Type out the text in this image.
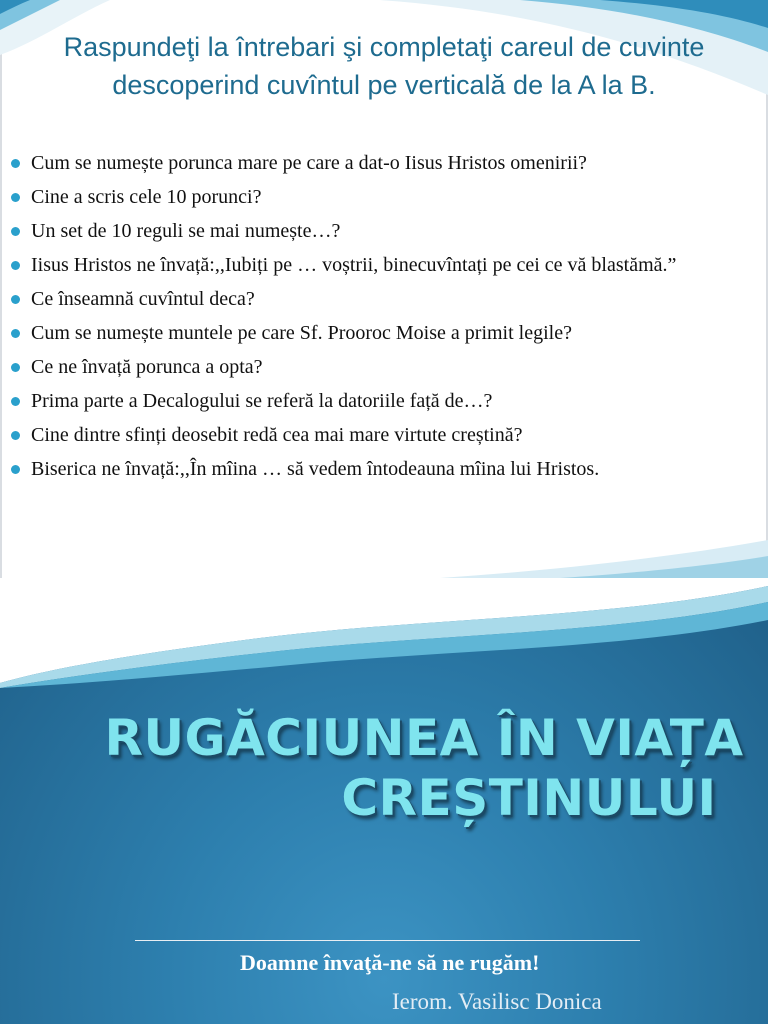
Raspundeţi la întrebari şi completaţi careul de cuvinte descoperind cuvîntul pe verticală de la A la B.
Cum se numește porunca mare pe care a dat-o Iisus Hristos omenirii?
Cine a scris cele 10 porunci?
Un set de 10 reguli se mai numește…?
Iisus Hristos ne învață:,,Iubiți pe … voștrii, binecuvîntați pe cei ce vă blastămă.”
Ce înseamnă cuvîntul deca?
Cum se numește muntele pe care Sf. Prooroc Moise a primit legile?
Ce ne învață porunca a opta?
Prima parte a Decalogului se referă la datoriile față de…?
Cine dintre sfinți deosebit redă cea mai mare virtute creștină?
Biserica ne învață:,,În mîina … să vedem întodeauna mîina lui Hristos.
RUGĂCIUNEA ÎN VIAȚA
CREȘTINULUI

Doamne învaţă-ne să ne rugăm!

Ierom. Vasilisc Donica
